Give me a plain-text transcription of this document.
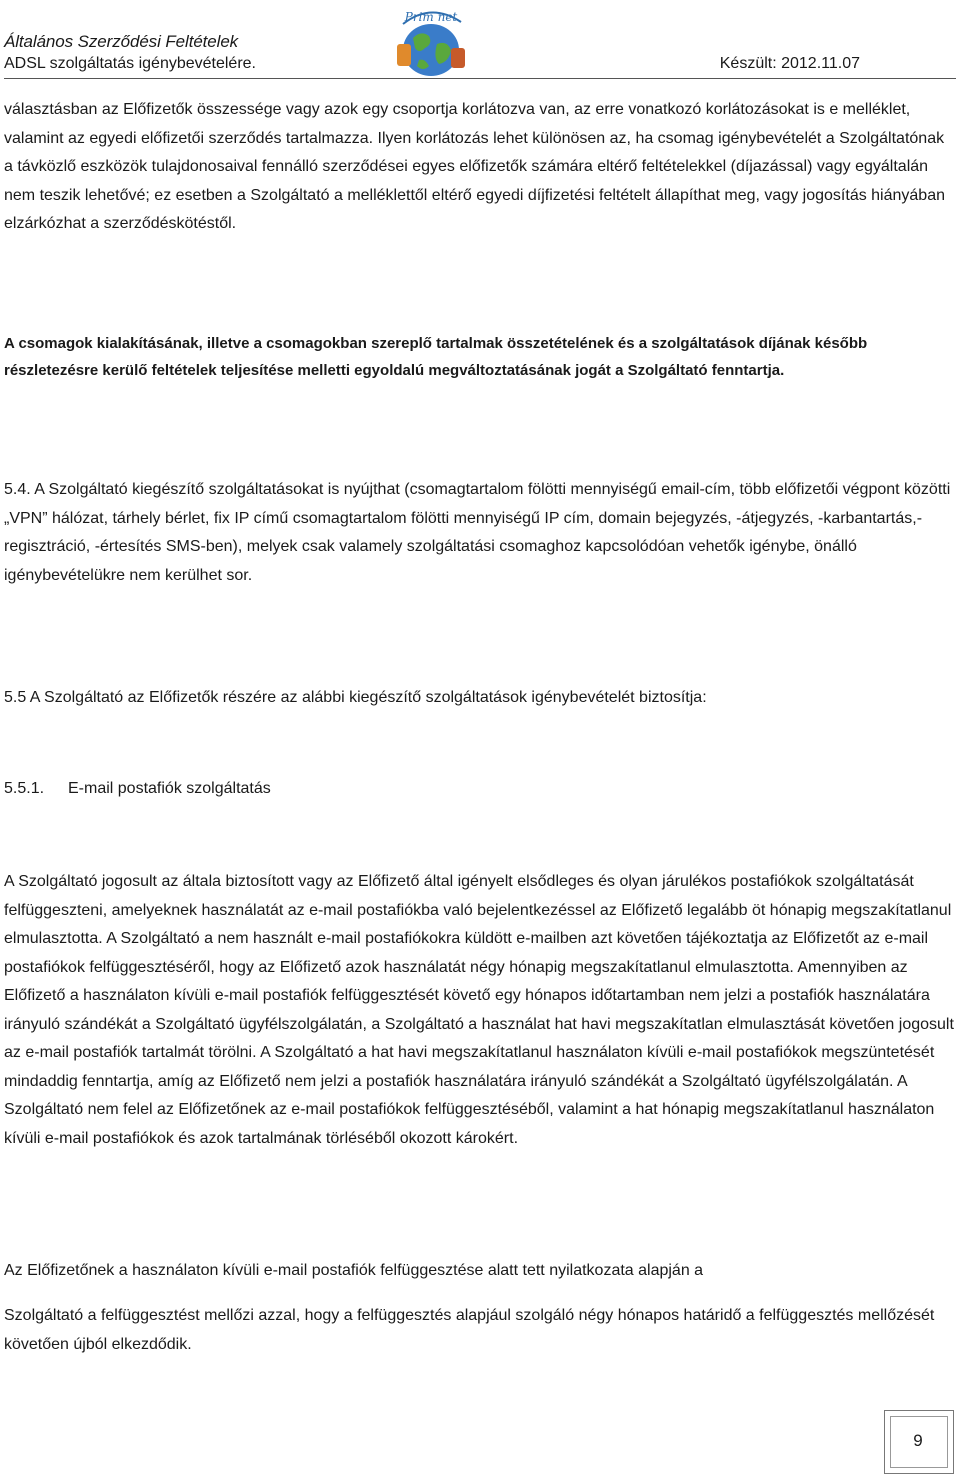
Általános Szerződési Feltételek
ADSL szolgáltatás igénybevételére.	Készült: 2012.11.07
Prim net

választásban az Előfizetők összessége vagy azok egy csoportja korlátozva van, az erre vonatkozó korlátozásokat is e melléklet, valamint az egyedi előfizetői szerződés tartalmazza. Ilyen korlátozás lehet különösen az, ha csomag igénybevételét a Szolgáltatónak a távközlő eszközök tulajdonosaival fennálló szerződései egyes előfizetők számára eltérő feltételekkel (díjazással) vagy egyáltalán nem teszik lehetővé; ez esetben a Szolgáltató a melléklettől eltérő egyedi díjfizetési feltételt állapíthat meg, vagy jogosítás hiányában elzárkózhat a szerződéskötéstől.

A csomagok kialakításának, illetve a csomagokban szereplő tartalmak összetételének és a szolgáltatások díjának később részletezésre kerülő feltételek teljesítése melletti egyoldalú megváltoztatásának jogát a Szolgáltató fenntartja.

5.4. A Szolgáltató kiegészítő szolgáltatásokat is nyújthat (csomagtartalom fölötti mennyiségű email-cím, több előfizetői végpont közötti „VPN” hálózat, tárhely bérlet, fix IP című csomagtartalom fölötti mennyiségű IP cím, domain bejegyzés, -átjegyzés, -karbantartás,-regisztráció, -értesítés SMS-ben), melyek csak valamely szolgáltatási csomaghoz kapcsolódóan vehetők igénybe, önálló igénybevételükre nem kerülhet sor.

5.5 A Szolgáltató az Előfizetők részére az alábbi kiegészítő szolgáltatások igénybevételét biztosítja:

5.5.1. E-mail postafiók szolgáltatás

A Szolgáltató jogosult az általa biztosított vagy az Előfizető által igényelt elsődleges és olyan járulékos postafiókok szolgáltatását felfüggeszteni, amelyeknek használatát az e-mail postafiókba való bejelentkezéssel az Előfizető legalább öt hónapig megszakítatlanul elmulasztotta. A Szolgáltató a nem használt e-mail postafiókokra küldött e-mailben azt követően tájékoztatja az Előfizetőt az e-mail postafiókok felfüggesztéséről, hogy az Előfizető azok használatát négy hónapig megszakítatlanul elmulasztotta. Amennyiben az Előfizető a használaton kívüli e-mail postafiók felfüggesztését követő egy hónapos időtartamban nem jelzi a postafiók használatára irányuló szándékát a Szolgáltató ügyfélszolgálatán, a Szolgáltató a használat hat havi megszakítatlan elmulasztását követően jogosult az e-mail postafiók tartalmát törölni. A Szolgáltató a hat havi megszakítatlanul használaton kívüli e-mail postafiókok megszüntetését mindaddig fenntartja, amíg az Előfizető nem jelzi a postafiók használatára irányuló szándékát a Szolgáltató ügyfélszolgálatán. A Szolgáltató nem felel az Előfizetőnek az e-mail postafiókok felfüggesztéséből, valamint a hat hónapig megszakítatlanul használaton kívüli e-mail postafiókok és azok tartalmának törléséből okozott károkért.

Az Előfizetőnek a használaton kívüli e-mail postafiók felfüggesztése alatt tett nyilatkozata alapján a

Szolgáltató a felfüggesztést mellőzi azzal, hogy a felfüggesztés alapjául szolgáló négy hónapos határidő a felfüggesztés mellőzését követően újból elkezdődik.

9
